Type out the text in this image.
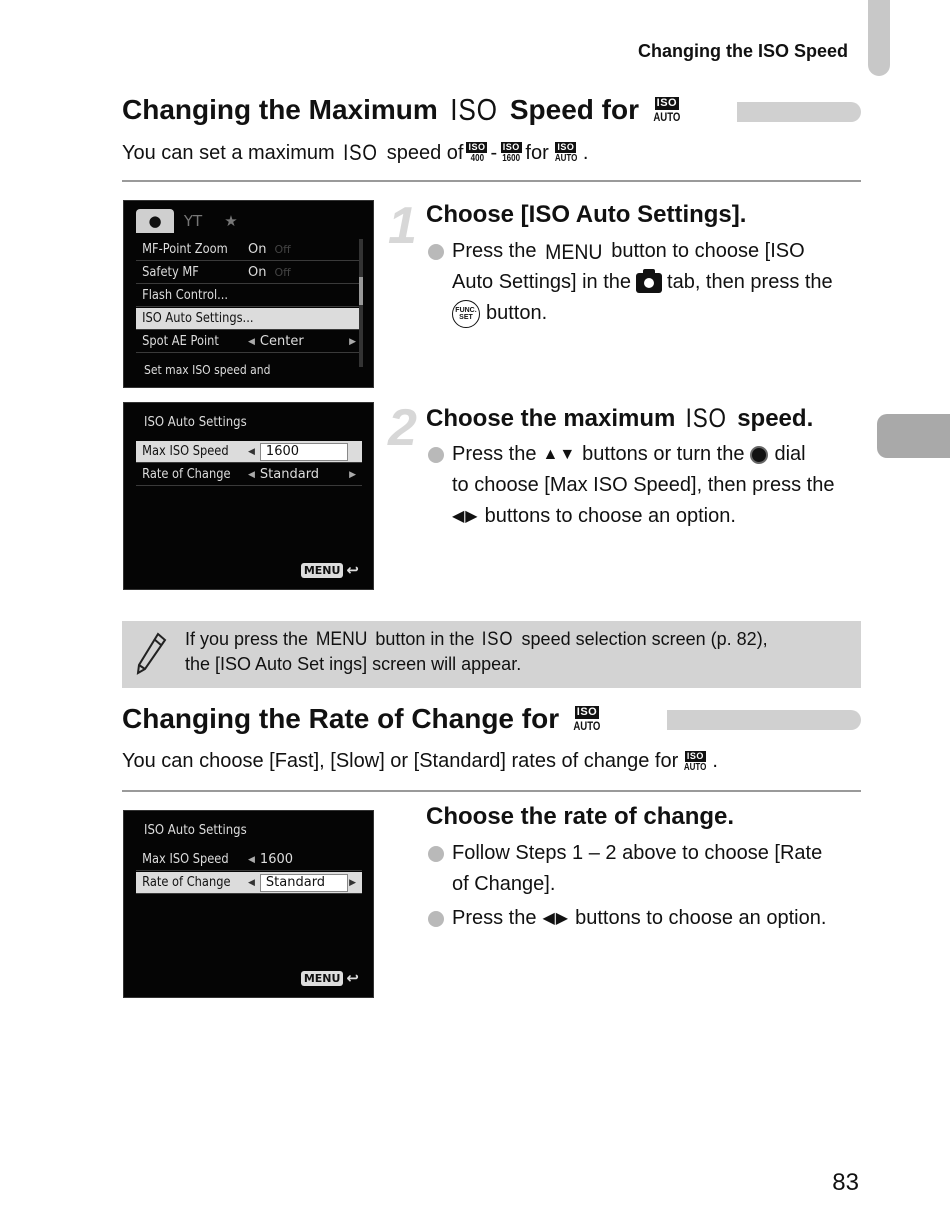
Changing the ISO Speed
Changing the Maximum ISO Speed for ISO
AUTO
You can set a maximum
ISO
speed of ISO
400 - ISO
1600 for ISO
AUTO .
●	YT	★
MF-Point Zoom	On Off
Safety MF	On Off
Flash Control...
ISO Auto Settings...
Spot AE Point	◀ Center	▶
Set max ISO speed and
1 Choose [ISO Auto Settings].
Press the
MENU
button to choose [ISO
Auto Settings] in the tab, then press the
FUNC.
SET button.
ISO Auto Settings
Max ISO Speed	◀ 1600
Rate of Change	◀ Standard	▶
MENU ↩
2 Choose the maximum
ISO
speed.
Press the ▲▼ buttons or turn the dial
to choose [Max ISO Speed], then press the
◀▶ buttons to choose an option.
If you press the
MENU
button in the
ISO
speed selection screen (p. 82),
the [ISO Auto Set ings] screen will appear.
Changing the Rate of Change for ISO
AUTO
You can choose [Fast], [Slow] or [Standard] rates of change for ISO
AUTO .
ISO Auto Settings
Max ISO Speed	◀ 1600
Rate of Change	◀ Standard	▶
MENU ↩
Choose the rate of change.
Follow Steps 1 – 2 above to choose [Rate
of Change].
Press the ◀▶ buttons to choose an option.
83
